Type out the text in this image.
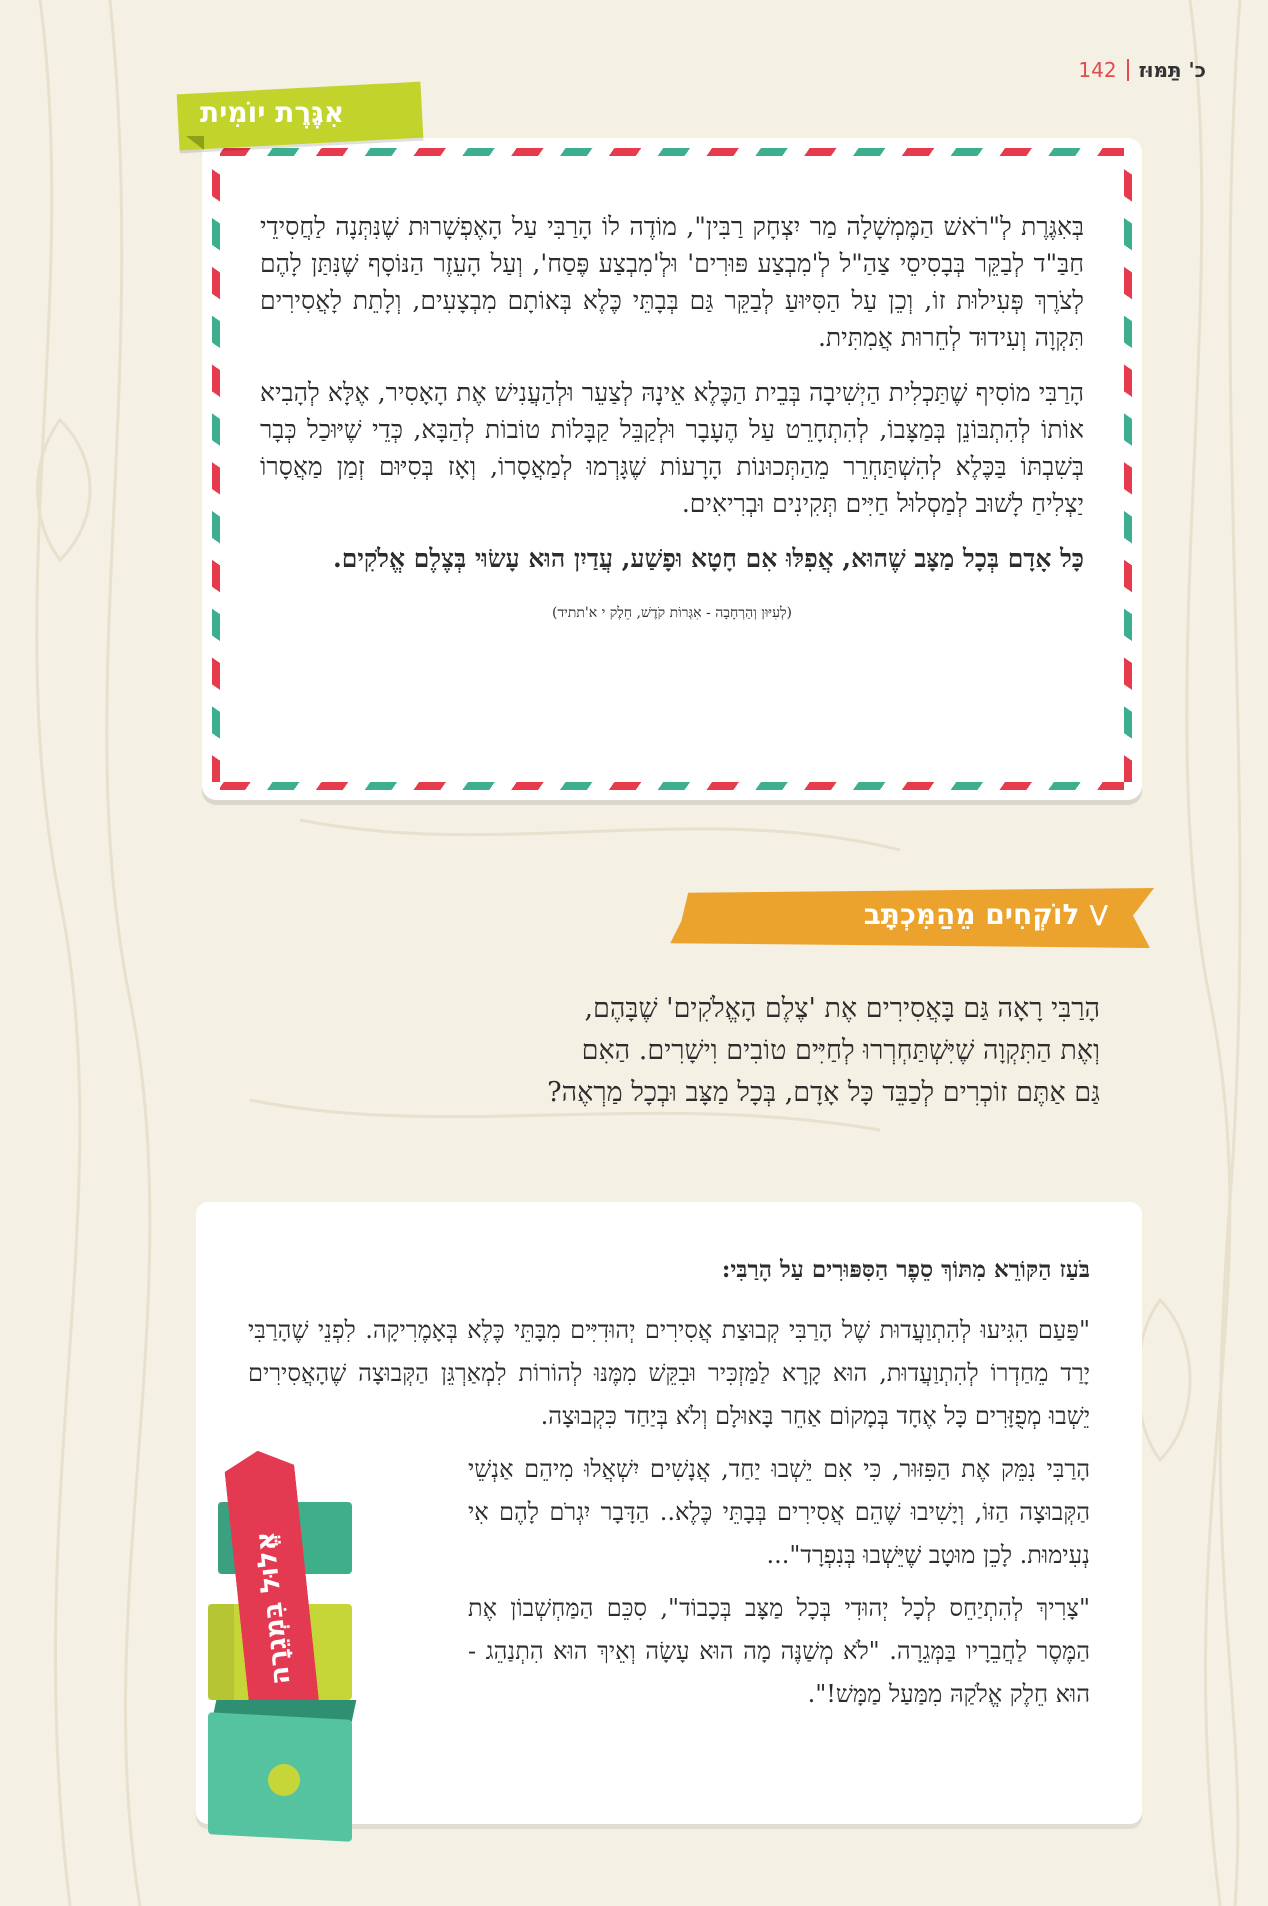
142 כ' תַּמּוּז

בְּאִגֶּרֶת לְ"רֹאשׁ הַמֶּמְשָׁלָה מַר יִצְחָק רַבִּין", מוֹדֶה לוֹ הָרַבִּי עַל הָאֶפְשָׁרוּת שֶׁנִּתְּנָה לַחֲסִידֵי חַבַּ"ד לְבַקֵּר בְּבָסִיסֵי צַהַ"ל לְ'מִבְצַע פּוּרִים' וּלְ'מִבְצַע פֶּסַח', וְעַל הָעֵזֶר הַנּוֹסָף שֶׁנִּתַּן לָהֶם לְצֹרֶךְ פְּעִילוּת זוֹ, וְכֵן עַל הַסִּיּוּעַ לְבַקֵּר גַּם בְּבָתֵּי כֶּלֶא בְּאוֹתָם מִבְצָעִים, וְלָתֵת לָאֲסִירִים תִּקְוָה וְעִידוּד לְחֵרוּת אֲמִתִּית.

הָרַבִּי מוֹסִיף שֶׁתַּכְלִית הַיְשִׁיבָה בְּבֵית הַכֶּלֶא אֵינָהּ לְצַעֵר וּלְהַעֲנִישׁ אֶת הָאָסִיר, אֶלָּא לְהָבִיא אוֹתוֹ לְהִתְבּוֹנֵן בְּמַצָּבוֹ, לְהִתְחָרֵט עַל הֶעָבָר וּלְקַבֵּל קַבָּלוֹת טוֹבוֹת לְהַבָּא, כְּדֵי שֶׁיּוּכַל כְּבָר בְּשִׁבְתּוֹ בַּכֶּלֶא לְהִשְׁתַּחְרֵר מֵהַתְּכוּנוֹת הָרָעוֹת שֶׁגָּרְמוּ לְמַאֲסָרוֹ, וְאָז בְּסִיּוּם זְמַן מַאֲסָרוֹ יַצְלִיחַ לָשׁוּב לְמַסְלוּל חַיִּים תְּקִינִים וּבְרִיאִים.

כָּל אָדָם בְּכָל מַצָּב שֶׁהוּא, אֲפִלּוּ אִם חָטָא וּפָשַׁע, עֲדַיִן הוּא עָשׂוּי בְּצֶלֶם אֱלֹקִים.

(לְעִיּוּן וְהַרְחָבָה - אִגְּרוֹת קֹדֶשׁ, חֵלֶק י א'תתיד)
אִגֶּרֶת יוֹמִית
⋁
לוֹקְחִים מֵהַמִּכְתָּב
הָרַבִּי רָאָה גַּם בָּאֲסִירִים אֶת 'צֶלֶם הָאֱלֹקִים' שֶׁבָּהֶם,
וְאֶת הַתִּקְוָה שֶׁיִּשְׁתַּחְרְרוּ לְחַיִּים טוֹבִים וִישָׁרִים. הַאִם
גַּם אַתֶּם זוֹכְרִים לְכַבֵּד כָּל אָדָם, בְּכָל מַצָּב וּבְכָל מַרְאֶה?

בֹּעַז הַקּוֹרֵא מִתּוֹךְ סֵפֶר הַסִּפּוּרִים עַל הָרַבִּי:

"פַּעַם הִגִּיעוּ לְהִתְוַעֲדוּת שֶׁל הָרַבִּי קְבוּצַת אֲסִירִים יְהוּדִיִּים מִבָּתֵּי כֶּלֶא בְּאָמֶרִיקָה. לִפְנֵי שֶׁהָרַבִּי יָרַד מֵחַדְרוֹ לְהִתְוַעֲדוּת, הוּא קָרָא לַמַּזְכִּיר וּבִקֵּשׁ מִמֶּנּוּ לְהוֹרוֹת לִמְאַרְגֵּן הַקְּבוּצָה שֶׁהָאֲסִירִים יֵשְׁבוּ מְפֻזָּרִים כָּל אֶחָד בְּמָקוֹם אַחֵר בָּאוּלָם וְלֹא בְּיַחַד כִּקְבוּצָה.

הָרַבִּי נִמֵּק אֶת הַפִּזּוּר, כִּי אִם יֵשְׁבוּ יַחַד, אֲנָשִׁים יִשְׁאֲלוּ מִיהֵם אַנְשֵׁי הַקְּבוּצָה הַזּוֹ, וְיָשִׁיבוּ שֶׁהֵם אֲסִירִים בְּבָתֵּי כֶּלֶא.. הַדָּבָר יִגְרֹם לָהֶם אִי נְעִימוּת. לָכֵן מוּטָב שֶׁיֵּשְׁבוּ בְּנִפְרָד"...

"צָרִיךְ לְהִתְיַחֵס לְכָל יְהוּדִי בְּכָל מַצָּב בְּכָבוֹד", סִכֵּם הַמַּחְשְׁבוֹן אֶת הַמֶּסֶר לַחֲבֵרָיו בַּמְּגֵרָה. "לֹא מְשַׁנֶּה מָה הוּא עָשָׂה וְאֵיךְ הוּא הִתְנַהֵג - הוּא חֵלֶק אֱלֹקַהּ מִמַּעַל מַמָּשׁ!".

אֱלוּל בִּמְגֵרָה
